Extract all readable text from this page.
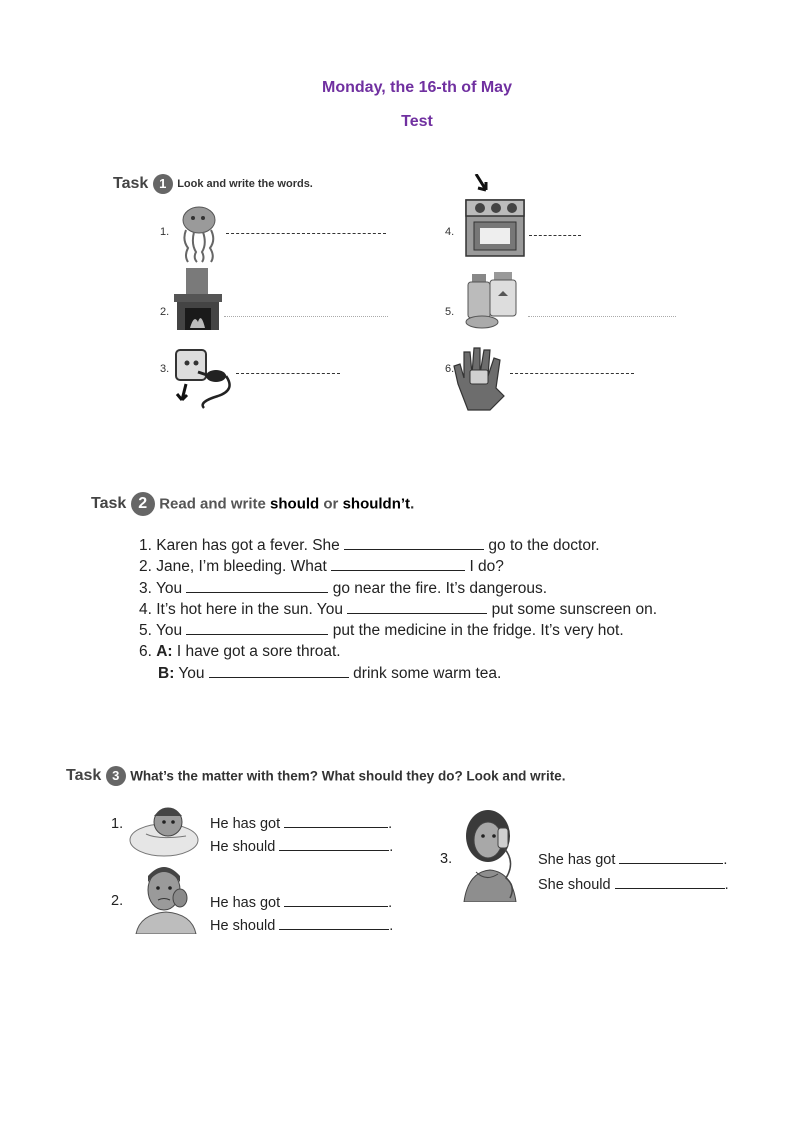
Monday, the 16-th of May
Test
Task 1 Look and write the words.
1.
2.
3.
4.
5.
6.
Task 2 Read and write should or shouldn’t.
1. Karen has got a fever. She	go to the doctor.
2. Jane, I’m bleeding. What	I do?
3. You	go near the fire. It’s dangerous.
4. It’s hot here in the sun. You	put some sunscreen on.
5. You	put the medicine in the fridge. It’s very hot.
6. A: I have got a sore throat.
B: You	drink some warm tea.
Task 3 What’s the matter with them? What should they do? Look and write.
1.	He has got	.
He should	.
2.	He has got	.
He should	.
3.	She has got	.
She should	.
